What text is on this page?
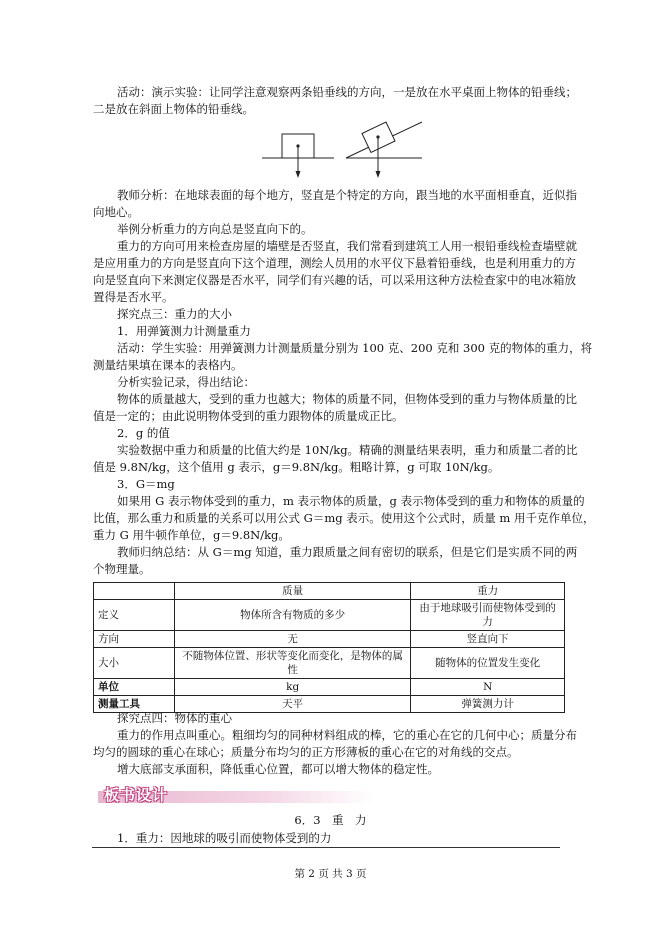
活动：演示实验：让同学注意观察两条铅垂线的方向，一是放在水平桌面上物体的铅垂线；
二是放在斜面上物体的铅垂线。
教师分析：在地球表面的每个地方，竖直是个特定的方向，跟当地的水平面相垂直，近似指
向地心。
举例分析重力的方向总是竖直向下的。
重力的方向可用来检查房屋的墙壁是否竖直，我们常看到建筑工人用一根铅垂线检查墙壁就
是应用重力的方向是竖直向下这个道理，测绘人员用的水平仪下悬着铅垂线，也是利用重力的方
向是竖直向下来测定仪器是否水平，同学们有兴趣的话，可以采用这种方法检查家中的电冰箱放
置得是否水平。
探究点三：重力的大小
1．用弹簧测力计测量重力
活动：学生实验：用弹簧测力计测量质量分别为 100 克、200 克和 300 克的物体的重力，将
测量结果填在课本的表格内。
分析实验记录，得出结论：
物体的质量越大，受到的重力也越大；物体的质量不同，但物体受到的重力与物体质量的比
值是一定的；由此说明物体受到的重力跟物体的质量成正比。
2．g 的值
实验数据中重力和质量的比值大约是 10N/kg。精确的测量结果表明，重力和质量二者的比
值是 9.8N/kg，这个值用 g 表示，g＝9.8N/kg。粗略计算，g 可取 10N/kg。
3．G＝mg
如果用 G 表示物体受到的重力，m 表示物体的质量，g 表示物体受到的重力和物体的质量的
比值，那么重力和质量的关系可以用公式 G＝mg 表示。使用这个公式时，质量 m 用千克作单位，
重力 G 用牛顿作单位，g＝9.8N/kg。
教师归纳总结：从 G＝mg 知道，重力跟质量之间有密切的联系，但是它们是实质不同的两
个物理量。
	质量	重力
定义	物体所含有物质的多少	由于地球吸引而使物体受到的力
方向	无	竖直向下
大小	不随物体位置、形状等变化而变化，是物体的属性	随物体的位置发生变化
单位	kg	N
测量工具	天平	弹簧测力计
探究点四：物体的重心
重力的作用点叫重心。粗细均匀的同种材料组成的棒，它的重心在它的几何中心；质量分布
均匀的圆球的重心在球心；质量分布均匀的正方形薄板的重心在它的对角线的交点。
增大底部支承面积，降低重心位置，都可以增大物体的稳定性。
板书设计
6．3　重　力
1．重力：因地球的吸引而使物体受到的力
第 2 页 共 3 页
